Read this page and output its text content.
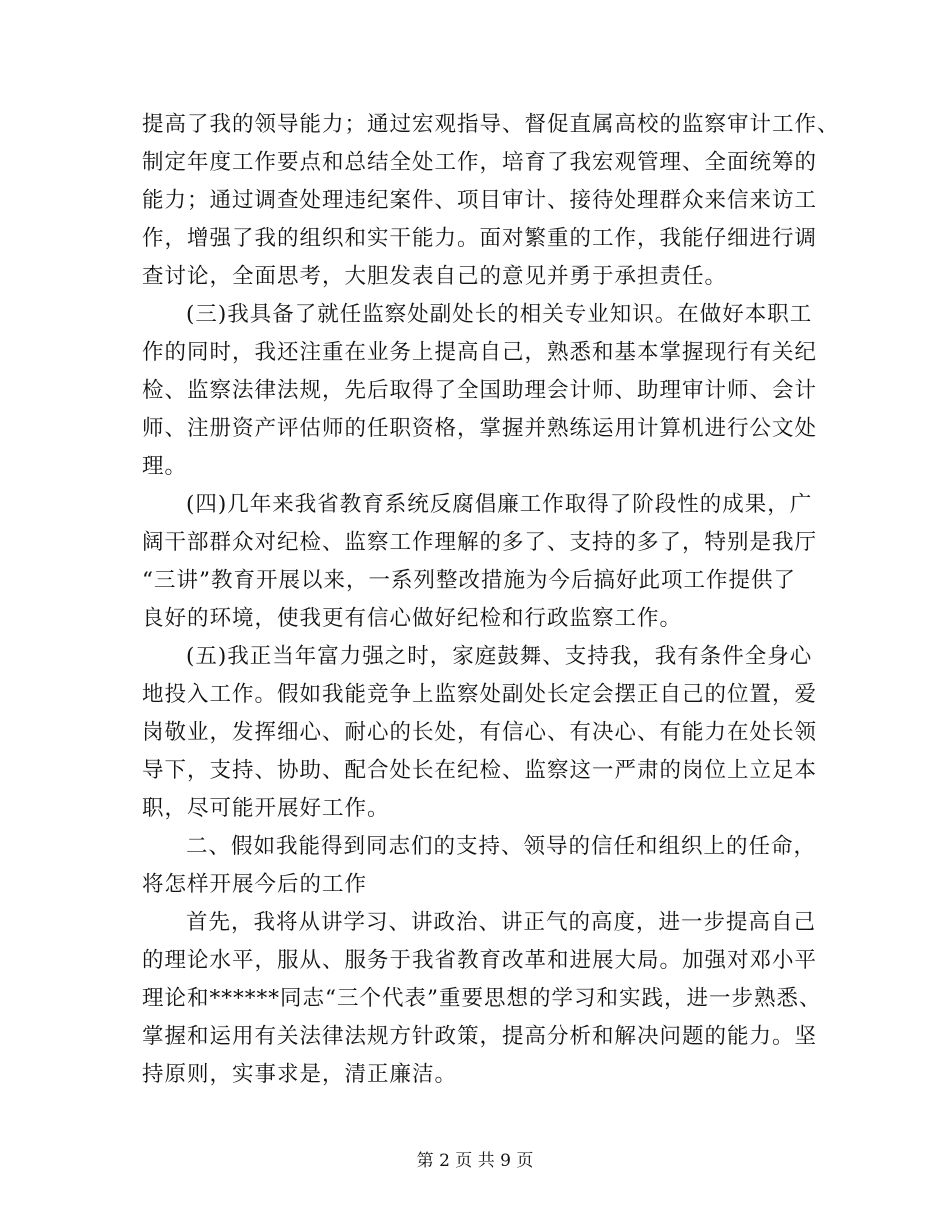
提高了我的领导能力；通过宏观指导、督促直属高校的监察审计工作、
制定年度工作要点和总结全处工作，培育了我宏观管理、全面统筹的
能力；通过调查处理违纪案件、项目审计、接待处理群众来信来访工
作，增强了我的组织和实干能力。面对繁重的工作，我能仔细进行调
查讨论，全面思考，大胆发表自己的意见并勇于承担责任。
(三)我具备了就任监察处副处长的相关专业知识。在做好本职工
作的同时，我还注重在业务上提高自己，熟悉和基本掌握现行有关纪
检、监察法律法规，先后取得了全国助理会计师、助理审计师、会计
师、注册资产评估师的任职资格，掌握并熟练运用计算机进行公文处
理。
(四)几年来我省教育系统反腐倡廉工作取得了阶段性的成果，广
阔干部群众对纪检、监察工作理解的多了、支持的多了，特别是我厅
“三讲”教育开展以来，一系列整改措施为今后搞好此项工作提供了
良好的环境，使我更有信心做好纪检和行政监察工作。
(五)我正当年富力强之时，家庭鼓舞、支持我，我有条件全身心
地投入工作。假如我能竞争上监察处副处长定会摆正自己的位置，爱
岗敬业，发挥细心、耐心的长处，有信心、有决心、有能力在处长领
导下，支持、协助、配合处长在纪检、监察这一严肃的岗位上立足本
职，尽可能开展好工作。
二、假如我能得到同志们的支持、领导的信任和组织上的任命，
将怎样开展今后的工作
首先，我将从讲学习、讲政治、讲正气的高度，进一步提高自己
的理论水平，服从、服务于我省教育改革和进展大局。加强对邓小平
理论和******同志“三个代表”重要思想的学习和实践，进一步熟悉、
掌握和运用有关法律法规方针政策，提高分析和解决问题的能力。坚
持原则，实事求是，清正廉洁。
第 2 页 共 9 页
